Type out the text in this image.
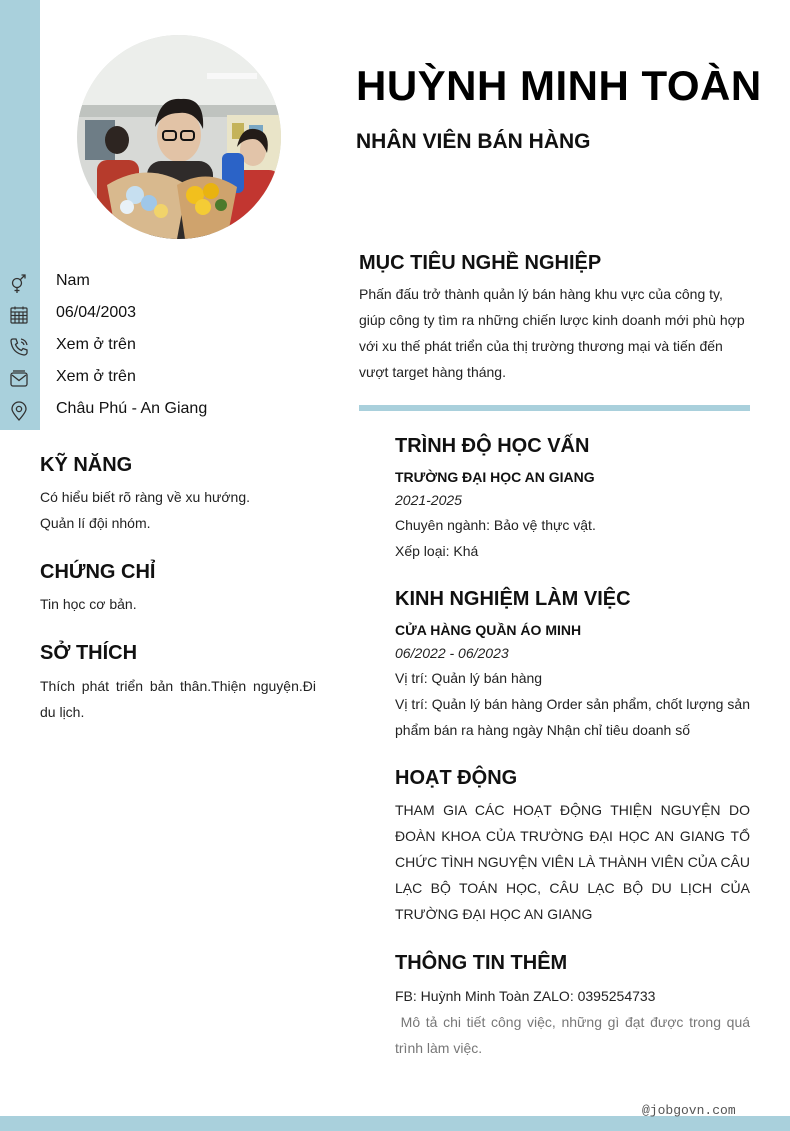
HUỲNH MINH TOÀN
NHÂN VIÊN BÁN HÀNG
Nam
06/04/2003
Xem ở trên
Xem ở trên
Châu Phú - An Giang
KỸ NĂNG
Có hiểu biết rõ ràng về xu hướng.
Quản lí đội nhóm.
CHỨNG CHỈ
Tin học cơ bản.
SỞ THÍCH
Thích phát triển bản thân.Thiện nguyện.Đi du lịch.
MỤC TIÊU NGHỀ NGHIỆP
Phấn đấu trở thành quản lý bán hàng khu vực của công ty, giúp công ty tìm ra những chiến lược kinh doanh mới phù hợp với xu thế phát triển của thị trường thương mại và tiến đến vượt target hàng tháng.
TRÌNH ĐỘ HỌC VẤN
TRƯỜNG ĐẠI HỌC AN GIANG
2021-2025
Chuyên ngành: Bảo vệ thực vật.
Xếp loại: Khá
KINH NGHIỆM LÀM VIỆC
CỬA HÀNG QUẦN ÁO MINH
06/2022 - 06/2023
Vị trí: Quản lý bán hàng
Vị trí: Quản lý bán hàng Order sản phẩm, chốt lượng sản phẩm bán ra hàng ngày Nhận chỉ tiêu doanh số
HOẠT ĐỘNG
THAM GIA CÁC HOẠT ĐỘNG THIỆN NGUYỆN DO ĐOÀN KHOA CỦA TRƯỜNG ĐẠI HỌC AN GIANG TỔ CHỨC TÌNH NGUYỆN VIÊN LÀ THÀNH VIÊN CỦA CÂU LẠC BỘ TOÁN HỌC, CÂU LẠC BỘ DU LỊCH CỦA TRƯỜNG ĐẠI HỌC AN GIANG
THÔNG TIN THÊM
FB: Huỳnh Minh Toàn ZALO: 0395254733
Mô tả chi tiết công việc, những gì đạt được trong quá trình làm việc.
@jobgovn.com
